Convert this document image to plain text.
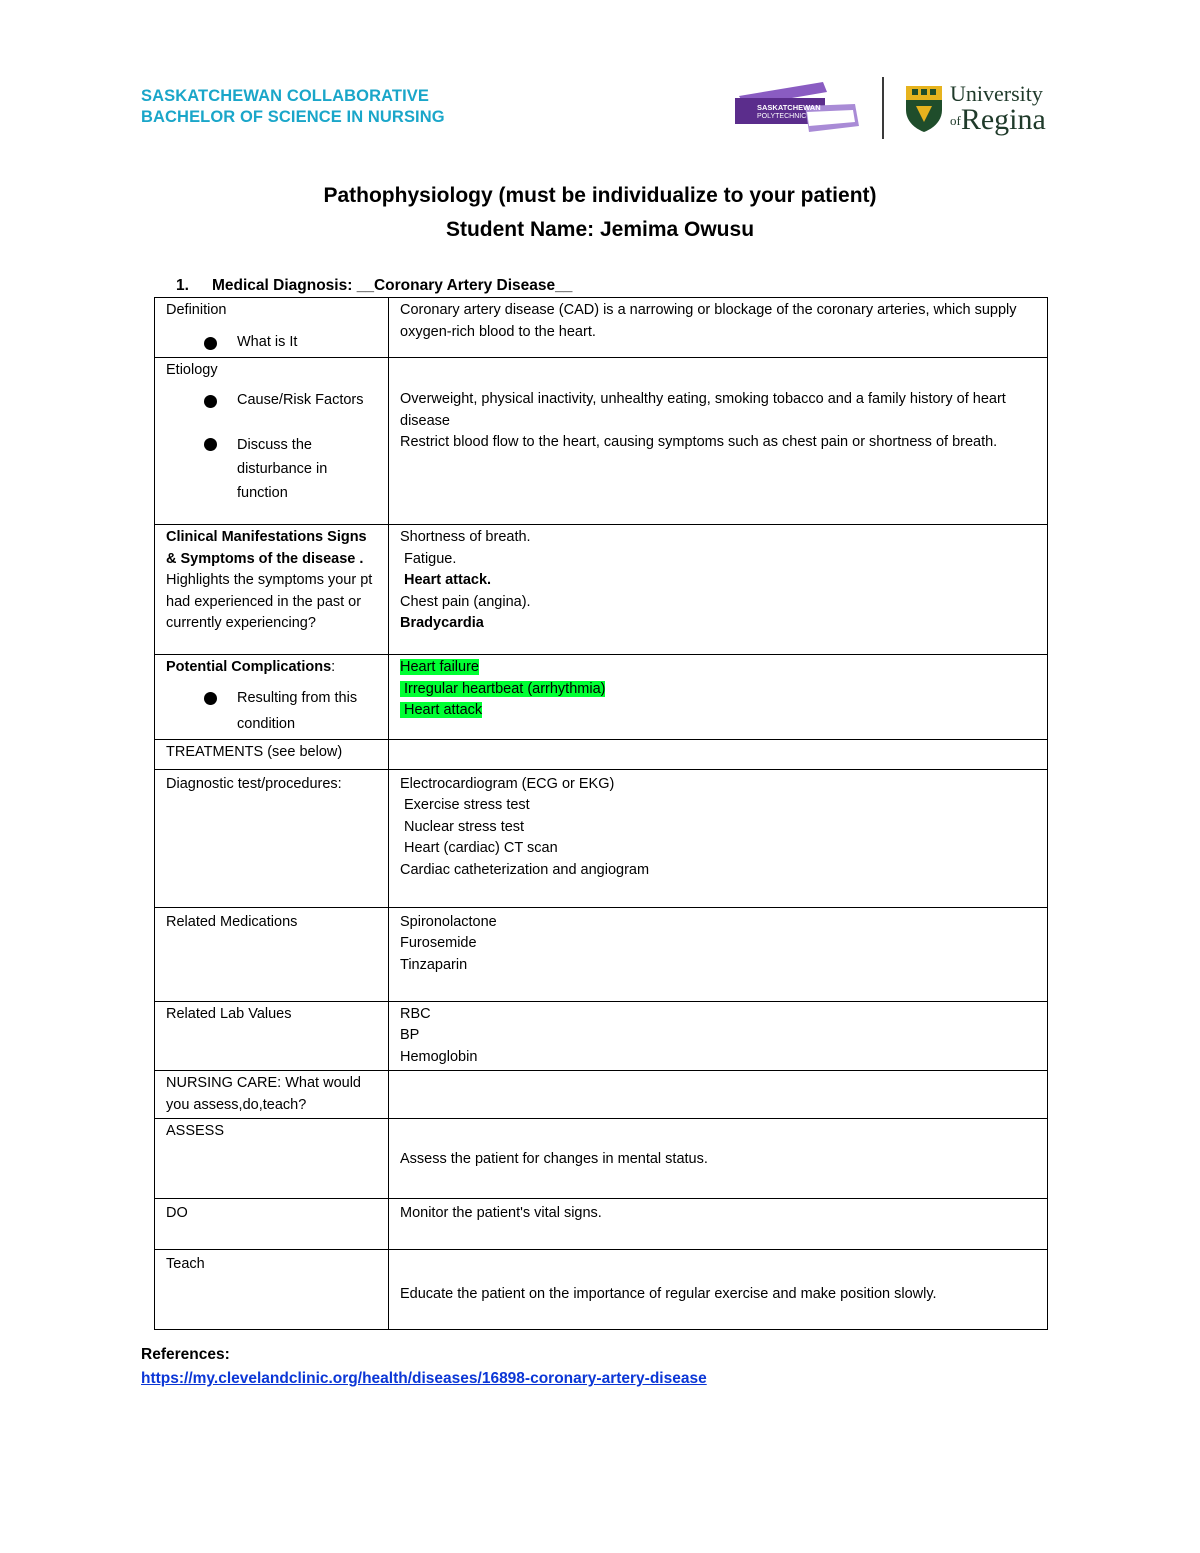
SASKATCHEWAN COLLABORATIVE
BACHELOR OF SCIENCE IN NURSING
SASKATCHEWAN
POLYTECHNIC
University
$^{of}$Regina
Pathophysiology (must be individualize to your patient)
Student Name: Jemima Owusu
1. Medical Diagnosis: __Coronary Artery Disease__
Definition
What is It	Coronary artery disease (CAD) is a narrowing or blockage of the coronary arteries, which supply oxygen-rich blood to the heart.

Etiology
Cause/Risk Factors
Discuss the disturbance in function	Overweight, physical inactivity, unhealthy eating, smoking tobacco and a family history of heart disease
Restrict blood flow to the heart, causing symptoms such as chest pain or shortness of breath.

Clinical Manifestations Signs & Symptoms of the disease . Highlights the symptoms your pt had experienced in the past or currently experiencing?	Shortness of breath.
Fatigue.
Heart attack.
Chest pain (angina).
Bradycardia

Potential Complications:
Resulting from this condition	Heart failure
Irregular heartbeat (arrhythmia)
Heart attack

TREATMENTS (see below)	
Diagnostic test/procedures:	Electrocardiogram (ECG or EKG)
Exercise stress test
Nuclear stress test
Heart (cardiac) CT scan
Cardiac catheterization and angiogram

Related Medications	Spironolactone
Furosemide
Tinzaparin

Related Lab Values	RBC
BP
Hemoglobin

NURSING CARE: What would you assess,do,teach?	
ASSESS	Assess the patient for changes in mental status.

DO	Monitor the patient's vital signs.
Teach	Educate the patient on the importance of regular exercise and make position slowly.
References:
https://my.clevelandclinic.org/health/diseases/16898-coronary-artery-disease
